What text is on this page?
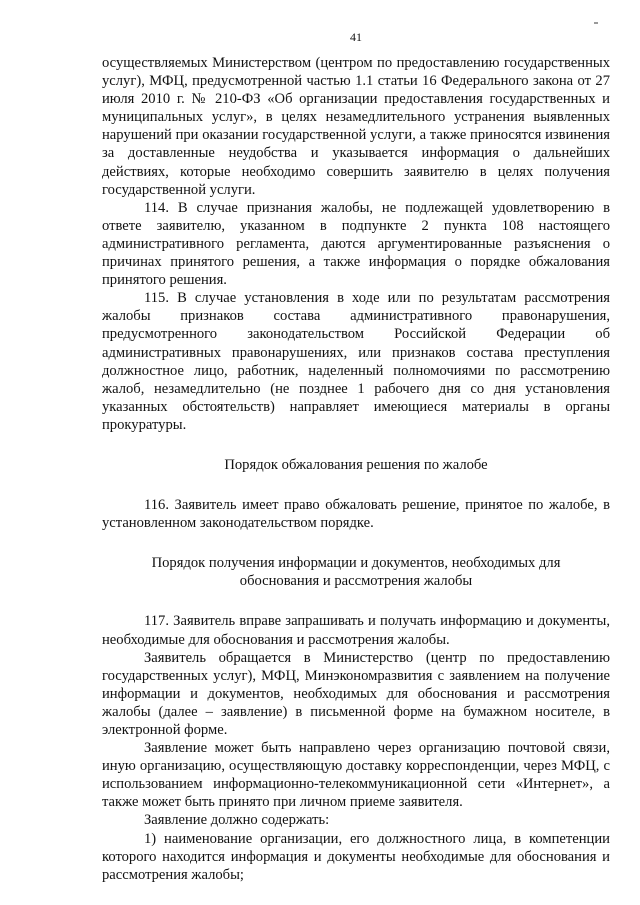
41

осуществляемых Министерством (центром по предоставлению государственных услуг), МФЦ, предусмотренной частью 1.1 статьи 16 Федерального закона от 27 июля 2010 г. № 210-ФЗ «Об организации предоставления государственных и муниципальных услуг», в целях незамедлительного устранения выявленных нарушений при оказании государственной услуги, а также приносятся извинения за доставленные неудобства и указывается информация о дальнейших действиях, которые необходимо совершить заявителю в целях получения государственной услуги.

114. В случае признания жалобы, не подлежащей удовлетворению в ответе заявителю, указанном в подпункте 2 пункта 108 настоящего административного регламента, даются аргументированные разъяснения о причинах принятого решения, а также информация о порядке обжалования принятого решения.

115. В случае установления в ходе или по результатам рассмотрения жалобы признаков состава административного правонарушения, предусмотренного законодательством Российской Федерации об административных правонарушениях, или признаков состава преступления должностное лицо, работник, наделенный полномочиями по рассмотрению жалоб, незамедлительно (не позднее 1 рабочего дня со дня установления указанных обстоятельств) направляет имеющиеся материалы в органы прокуратуры.

Порядок обжалования решения по жалобе

116. Заявитель имеет право обжаловать решение, принятое по жалобе, в установленном законодательством порядке.

Порядок получения информации и документов, необходимых для

обоснования и рассмотрения жалобы

117. Заявитель вправе запрашивать и получать информацию и документы, необходимые для обоснования и рассмотрения жалобы.

Заявитель обращается в Министерство (центр по предоставлению государственных услуг), МФЦ, Минэкономразвития с заявлением на получение информации и документов, необходимых для обоснования и рассмотрения жалобы (далее – заявление) в письменной форме на бумажном носителе, в электронной форме.

Заявление может быть направлено через организацию почтовой связи, иную организацию, осуществляющую доставку корреспонденции, через МФЦ, с использованием информационно-телекоммуникационной сети «Интернет», а также может быть принято при личном приеме заявителя.

Заявление должно содержать:

1) наименование организации, его должностного лица, в компетенции которого находится информация и документы необходимые для обоснования и рассмотрения жалобы;
